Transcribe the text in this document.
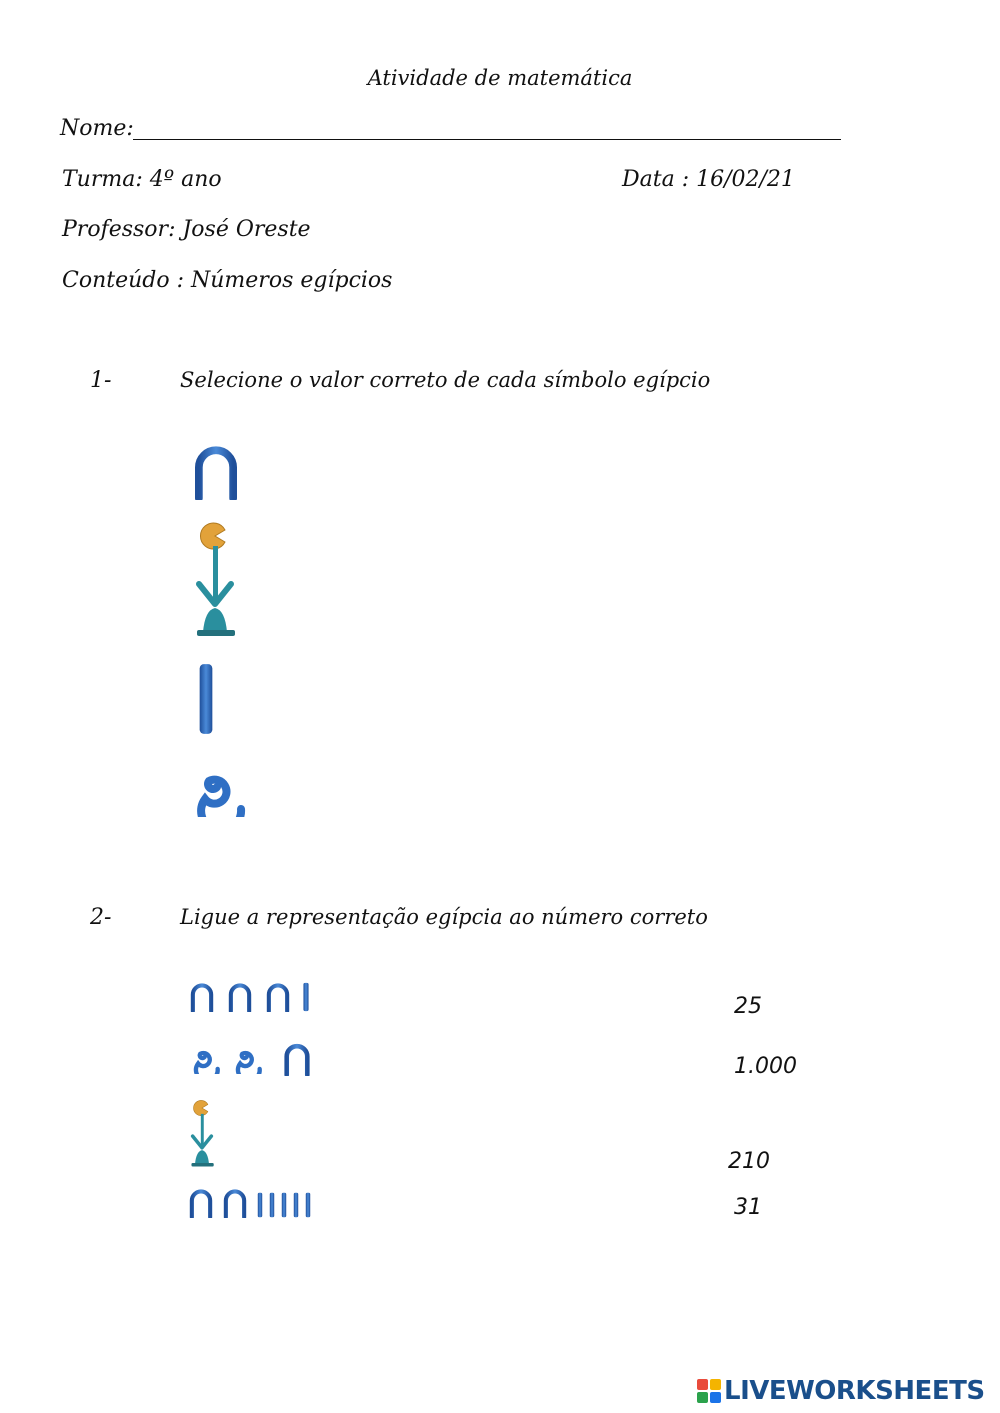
Atividade de matemática
Nome:
Turma: 4º ano	Data : 16/02/21
Professor: José Oreste
Conteúdo : Números egípcios
1-	Selecione o valor correto de cada símbolo egípcio
2-	Ligue a representação egípcia ao número correto
25
1.000
210
31
LIVEWORKSHEETS
